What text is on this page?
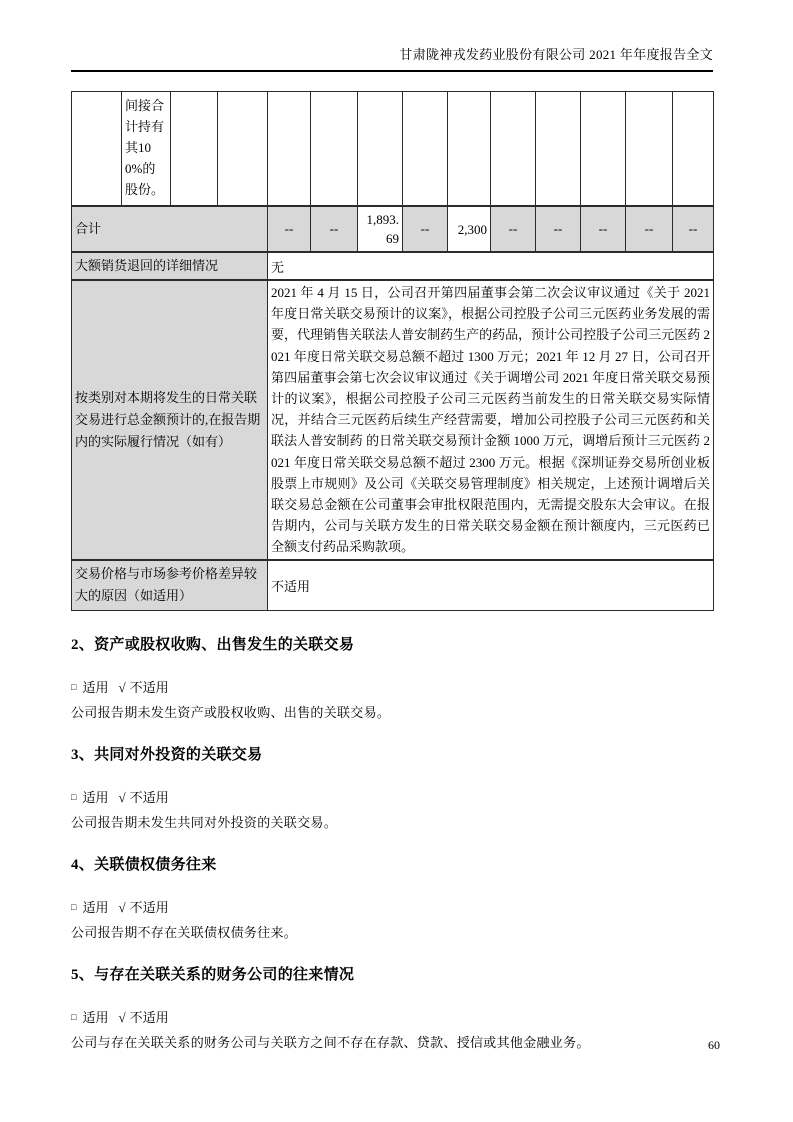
甘肃陇神戎发药业股份有限公司 2021 年年度报告全文
	间接合计持有其100%的股份。												
合计				--	--	1,893.69	--	2,300	--	--	--	--	--
大额销货退回的详细情况				无									
按类别对本期将发生的日常关联交易进行总金额预计的,在报告期内的实际履行情况（如有）				2021 年 4 月 15 日，公司召开第四届董事会第二次会议审议通过《关于 2021 年度日常关联交易预计的议案》，根据公司控股子公司三元医药业务发展的需要，代理销售关联法人普安制药生产的药品，预计公司控股子公司三元医药 2021 年度日常关联交易总额不超过 1300 万元；2021 年 12 月 27 日，公司召开第四届董事会第七次会议审议通过《关于调增公司 2021 年度日常关联交易预计的议案》，根据公司控股子公司三元医药当前发生的日常关联交易实际情况，并结合三元医药后续生产经营需要，增加公司控股子公司三元医药和关联法人普安制药 的日常关联交易预计金额 1000 万元，调增后预计三元医药 2021 年度日常关联交易总额不超过 2300 万元。根据《深圳证券交易所创业板股票上市规则》及公司《关联交易管理制度》相关规定，上述预计调增后关联交易总金额在公司董事会审批权限范围内，无需提交股东大会审议。在报告期内，公司与关联方发生的日常关联交易金额在预计额度内，三元医药已全额支付药品采购款项。									
交易价格与市场参考价格差异较大的原因（如适用）				不适用									
2、资产或股权收购、出售发生的关联交易
□ 适用 √ 不适用
公司报告期未发生资产或股权收购、出售的关联交易。
3、共同对外投资的关联交易
□ 适用 √ 不适用
公司报告期未发生共同对外投资的关联交易。
4、关联债权债务往来
□ 适用 √ 不适用
公司报告期不存在关联债权债务往来。
5、与存在关联关系的财务公司的往来情况
□ 适用 √ 不适用
公司与存在关联关系的财务公司与关联方之间不存在存款、贷款、授信或其他金融业务。	60
